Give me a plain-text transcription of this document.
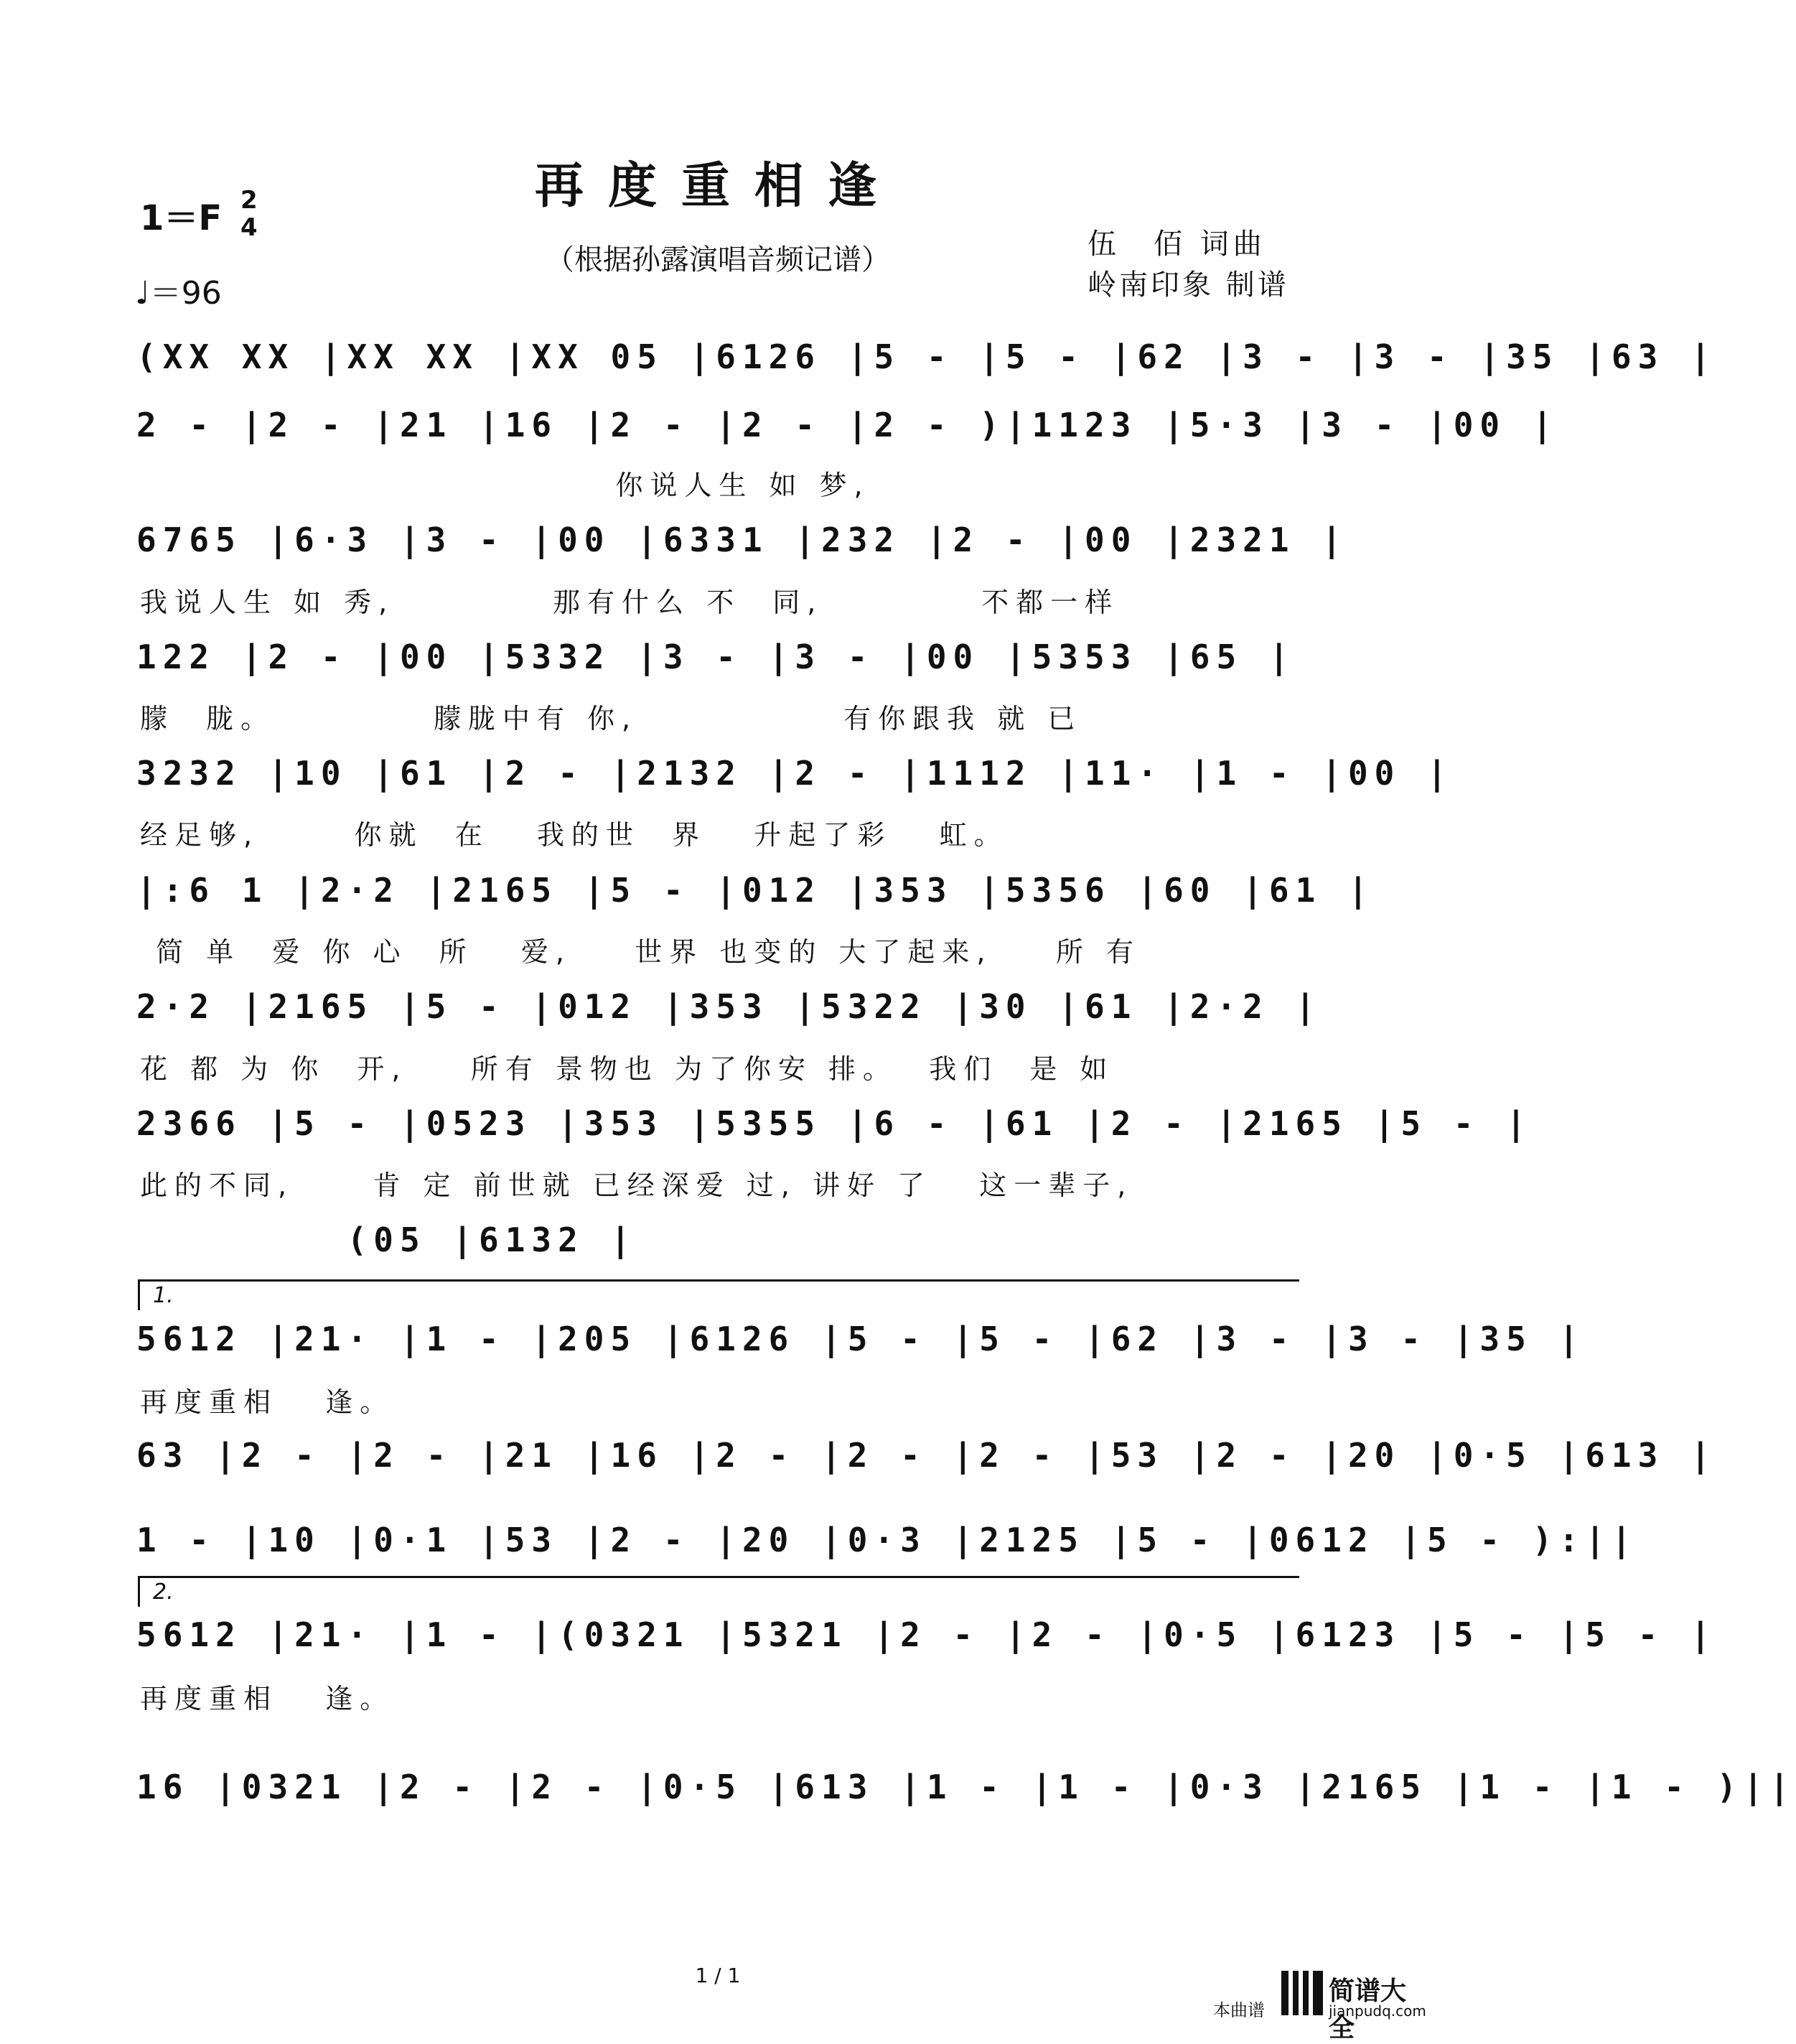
再度重相逢
（根据孙露演唱音频记谱）
1＝F 2
4
♩＝96
伍　佰 词曲
岭南印象 制谱
(XX XX |XX XX |XX 05 |6126 |5 - |5 - |62 |3 - |3 - |35 |63 |
2 - |2 - |21 |16 |2 - |2 - |2 - )|1123 |5·3 |3 - |00 |
你说人生 如 梦,
6765 |6·3 |3 - |00 |6331 |232 |2 - |00 |2321 |
我说人生 如 秀,          那有什么 不  同,          不都一样
122 |2 - |00 |5332 |3 - |3 - |00 |5353 |65 |
朦  胧。          朦胧中有 你,             有你跟我 就 已
3232 |10 |61 |2 - |2132 |2 - |1112 |11· |1 - |00 |
经足够,      你就  在   我的世  界   升起了彩   虹。
|:6 1 |2·2 |2165 |5 - |012 |353 |5356 |60 |61 |
简 单  爱 你 心  所   爱,    世界 也变的 大了起来,    所 有
2·2 |2165 |5 - |012 |353 |5322 |30 |61 |2·2 |
花 都 为 你  开,    所有 景物也 为了你安 排。  我们  是 如
2366 |5 - |0523 |353 |5355 |6 - |61 |2 - |2165 |5 - |
此的不同,     肯 定 前世就 已经深爱 过, 讲好 了   这一辈子,
(05 |6132 |
1.
5612 |21· |1 - |205 |6126 |5 - |5 - |62 |3 - |3 - |35 |
再度重相   逢。
63 |2 - |2 - |21 |16 |2 - |2 - |2 - |53 |2 - |20 |0·5 |613 |
1 - |10 |0·1 |53 |2 - |20 |0·3 |2125 |5 - |0612 |5 - ):||
2.
5612 |21· |1 - |(0321 |5321 |2 - |2 - |0·5 |6123 |5 - |5 - |
再度重相   逢。
16 |0321 |2 - |2 - |0·5 |613 |1 - |1 - |0·3 |2165 |1 - |1 - )||
1 / 1
本曲谱
简谱大全
jianpudq.com
